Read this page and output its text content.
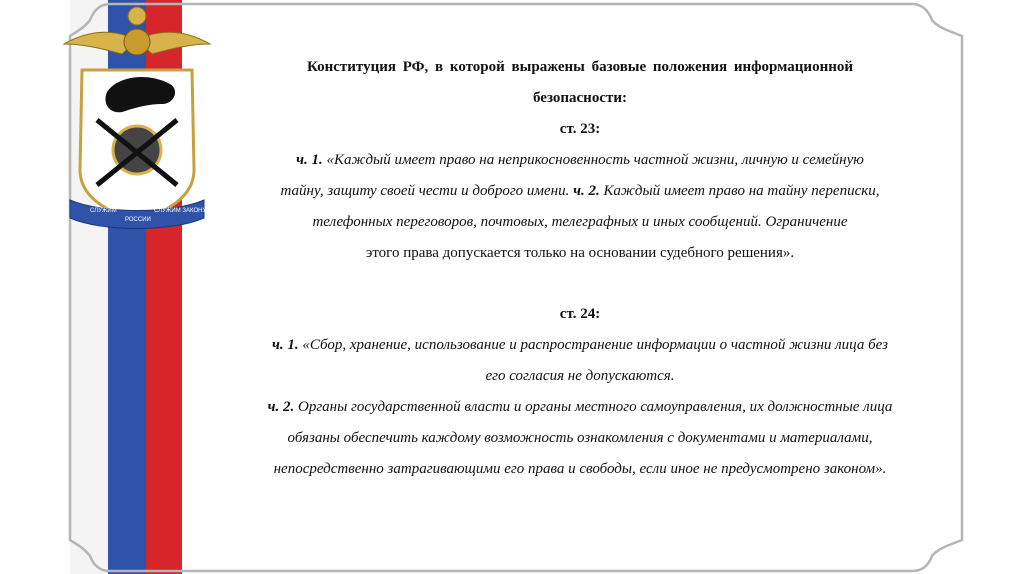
СЛУЖИМ
РОССИИ
СЛУЖИМ ЗАКОНУ
Конституция РФ, в которой выражены базовые положения информационной
безопасности:
ст. 23:
ч. 1. «Каждый имеет право на неприкосновенность частной жизни, личную и семейную
тайну, защиту своей чести и доброго имени. ч. 2. Каждый имеет право на тайну переписки,
телефонных переговоров, почтовых, телеграфных и иных сообщений. Ограничение
этого права допускается только на основании судебного решения».
ст. 24:
ч. 1. «Сбор, хранение, использование и распространение информации о частной жизни лица без
его согласия не допускаются.
ч. 2. Органы государственной власти и органы местного самоуправления, их должностные лица
обязаны обеспечить каждому возможность ознакомления с документами и материалами,
непосредственно затрагивающими его права и свободы, если иное не предусмотрено законом».
